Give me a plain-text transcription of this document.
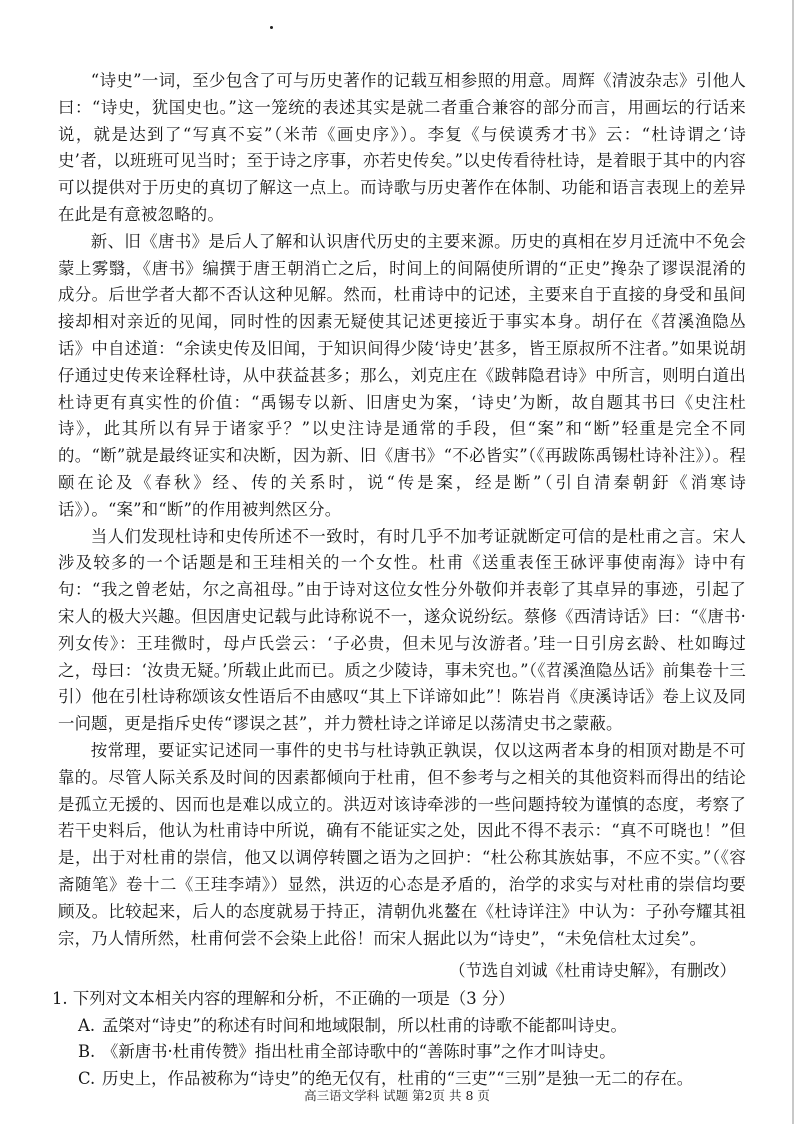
“诗史”一词，至少包含了可与历史著作的记载互相参照的用意。周辉《清波杂志》引他人曰：“诗史，犹国史也。”这一笼统的表述其实是就二者重合兼容的部分而言，用画坛的行话来说，就是达到了“写真不妄”（米芾《画史序》）。李复《与侯谟秀才书》云：“杜诗谓之‘诗史’者，以班班可见当时；至于诗之序事，亦若史传矣。”以史传看待杜诗，是着眼于其中的内容可以提供对于历史的真切了解这一点上。而诗歌与历史著作在体制、功能和语言表现上的差异在此是有意被忽略的。

新、旧《唐书》是后人了解和认识唐代历史的主要来源。历史的真相在岁月迁流中不免会蒙上雾翳，《唐书》编撰于唐王朝消亡之后，时间上的间隔使所谓的“正史”搀杂了谬误混淆的成分。后世学者大都不否认这种见解。然而，杜甫诗中的记述，主要来自于直接的身受和虽间接却相对亲近的见闻，同时性的因素无疑使其记述更接近于事实本身。胡仔在《苕溪渔隐丛话》中自述道：“余读史传及旧闻，于知识间得少陵‘诗史’甚多，皆王原叔所不注者。”如果说胡仔通过史传来诠释杜诗，从中获益甚多；那么，刘克庄在《跋韩隐君诗》中所言，则明白道出杜诗更有真实性的价值：“禹锡专以新、旧唐史为案，‘诗史’为断，故自题其书曰《史注杜诗》，此其所以有异于诸家乎？”以史注诗是通常的手段，但“案”和“断”轻重是完全不同的。“断”就是最终证实和决断，因为新、旧《唐书》“不必皆实”（《再跋陈禹锡杜诗补注》）。程颐在论及《春秋》经、传的关系时，说“传是案，经是断”（引自清秦朝釪《消寒诗话》）。“案”和“断”的作用被判然区分。

当人们发现杜诗和史传所述不一致时，有时几乎不加考证就断定可信的是杜甫之言。宋人涉及较多的一个话题是和王珪相关的一个女性。杜甫《送重表侄王砅评事使南海》诗中有句：“我之曾老姑，尔之高祖母。”由于诗对这位女性分外敬仰并表彰了其卓异的事迹，引起了宋人的极大兴趣。但因唐史记载与此诗称说不一，遂众说纷纭。蔡修《西清诗话》曰：“《唐书·列女传》：王珪微时，母卢氏尝云：‘子必贵，但未见与汝游者。’珪一日引房玄龄、杜如晦过之，母曰：‘汝贵无疑。’所载止此而已。质之少陵诗，事未究也。”（《苕溪渔隐丛话》前集卷十三引）他在引杜诗称颂该女性语后不由感叹“其上下详谛如此”！陈岩肖《庚溪诗话》卷上议及同一问题，更是指斥史传“谬误之甚”，并力赞杜诗之详谛足以荡清史书之蒙蔽。

按常理，要证实记述同一事件的史书与杜诗孰正孰误，仅以这两者本身的相顶对勘是不可靠的。尽管人际关系及时间的因素都倾向于杜甫，但不参考与之相关的其他资料而得出的结论是孤立无援的、因而也是难以成立的。洪迈对该诗牵涉的一些问题持较为谨慎的态度，考察了若干史料后，他认为杜甫诗中所说，确有不能证实之处，因此不得不表示：“真不可晓也！”但是，出于对杜甫的崇信，他又以调停转圜之语为之回护：“杜公称其族姑事，不应不实。”（《容斋随笔》卷十二《王珪李靖》）显然，洪迈的心态是矛盾的，治学的求实与对杜甫的崇信均要顾及。比较起来，后人的态度就易于持正，清朝仇兆鳌在《杜诗详注》中认为：子孙夸耀其祖宗，乃人情所然，杜甫何尝不会染上此俗！而宋人据此以为“诗史”，“未免信杜太过矣”。

（节选自刘诚《杜甫诗史解》，有删改）
1. 下列对文本相关内容的理解和分析，不正确的一项是（3 分）
A. 孟棨对“诗史”的称述有时间和地域限制，所以杜甫的诗歌不能都叫诗史。
B. 《新唐书·杜甫传赞》指出杜甫全部诗歌中的“善陈时事”之作才叫诗史。
C. 历史上，作品被称为“诗史”的绝无仅有，杜甫的“三吏”“三别”是独一无二的存在。
高三语文学科 试题 第2页 共 8 页
